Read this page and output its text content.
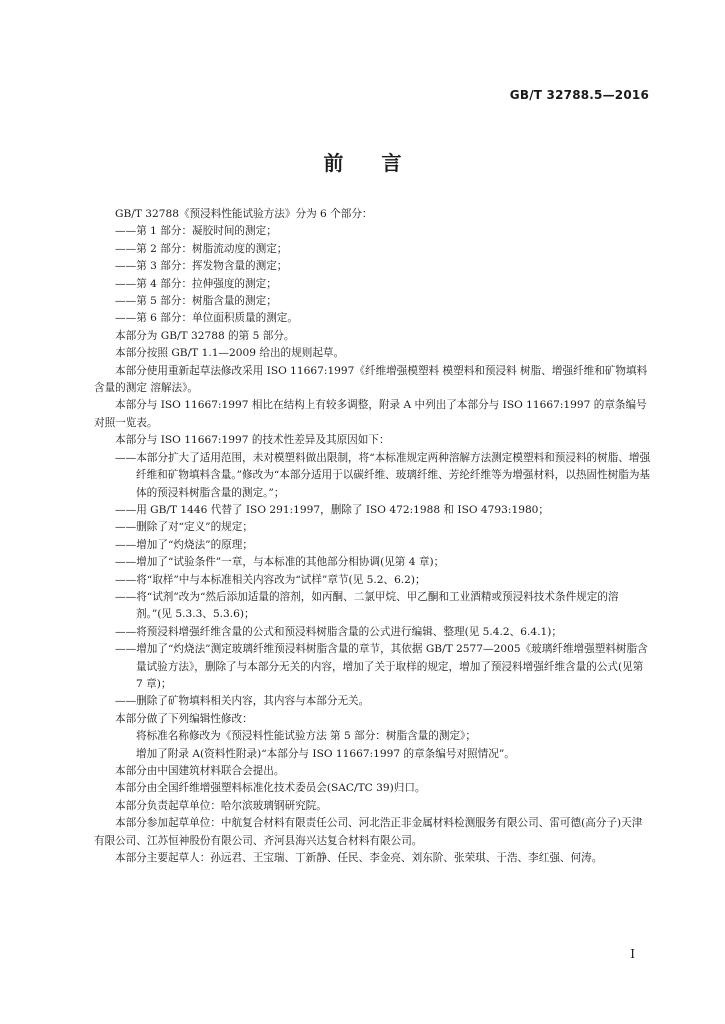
GB/T 32788.5—2016
前言

GB/T 32788《预浸料性能试验方法》分为 6 个部分：

——第 1 部分：凝胶时间的测定；

——第 2 部分：树脂流动度的测定；

——第 3 部分：挥发物含量的测定；

——第 4 部分：拉伸强度的测定；

——第 5 部分：树脂含量的测定；

——第 6 部分：单位面积质量的测定。

本部分为 GB/T 32788 的第 5 部分。

本部分按照 GB/T 1.1—2009 给出的规则起草。

本部分使用重新起草法修改采用 ISO 11667:1997《纤维增强模塑料 模塑料和预浸料 树脂、增强纤维和矿物填料含量的测定 溶解法》。

本部分与 ISO 11667:1997 相比在结构上有较多调整，附录 A 中列出了本部分与 ISO 11667:1997 的章条编号对照一览表。

本部分与 ISO 11667:1997 的技术性差异及其原因如下：

——本部分扩大了适用范围，未对模塑料做出限制，将“本标准规定两种溶解方法测定模塑料和预浸料的树脂、增强纤维和矿物填料含量。”修改为“本部分适用于以碳纤维、玻璃纤维、芳纶纤维等为增强材料，以热固性树脂为基体的预浸料树脂含量的测定。”；

——用 GB/T 1446 代替了 ISO 291:1997，删除了 ISO 472:1988 和 ISO 4793:1980；

——删除了对“定义”的规定；

——增加了“灼烧法”的原理；

——增加了“试验条件”一章，与本标准的其他部分相协调(见第 4 章)；

——将“取样”中与本标准相关内容改为“试样”章节(见 5.2、6.2)；

——将“试剂”改为“然后添加适量的溶剂，如丙酮、二氯甲烷、甲乙酮和工业酒精或预浸料技术条件规定的溶剂。”(见 5.3.3、5.3.6)；

——将预浸料增强纤维含量的公式和预浸料树脂含量的公式进行编辑、整理(见 5.4.2、6.4.1)；

——增加了“灼烧法”测定玻璃纤维预浸料树脂含量的章节，其依据 GB/T 2577—2005《玻璃纤维增强塑料树脂含量试验方法》，删除了与本部分无关的内容，增加了关于取样的规定，增加了预浸料增强纤维含量的公式(见第 7 章)；

——删除了矿物填料相关内容，其内容与本部分无关。

本部分做了下列编辑性修改：

将标准名称修改为《预浸料性能试验方法 第 5 部分：树脂含量的测定》；

增加了附录 A(资料性附录)“本部分与 ISO 11667:1997 的章条编号对照情况”。

本部分由中国建筑材料联合会提出。

本部分由全国纤维增强塑料标准化技术委员会(SAC/TC 39)归口。

本部分负责起草单位：哈尔滨玻璃钢研究院。

本部分参加起草单位：中航复合材料有限责任公司、河北浩正非金属材料检测服务有限公司、雷可德(高分子)天津有限公司、江苏恒神股份有限公司、齐河县海兴达复合材料有限公司。

本部分主要起草人：孙远君、王宝瑞、丁新静、任民、李金亮、刘东阶、张荣琪、于浩、李红强、何涛。

I
